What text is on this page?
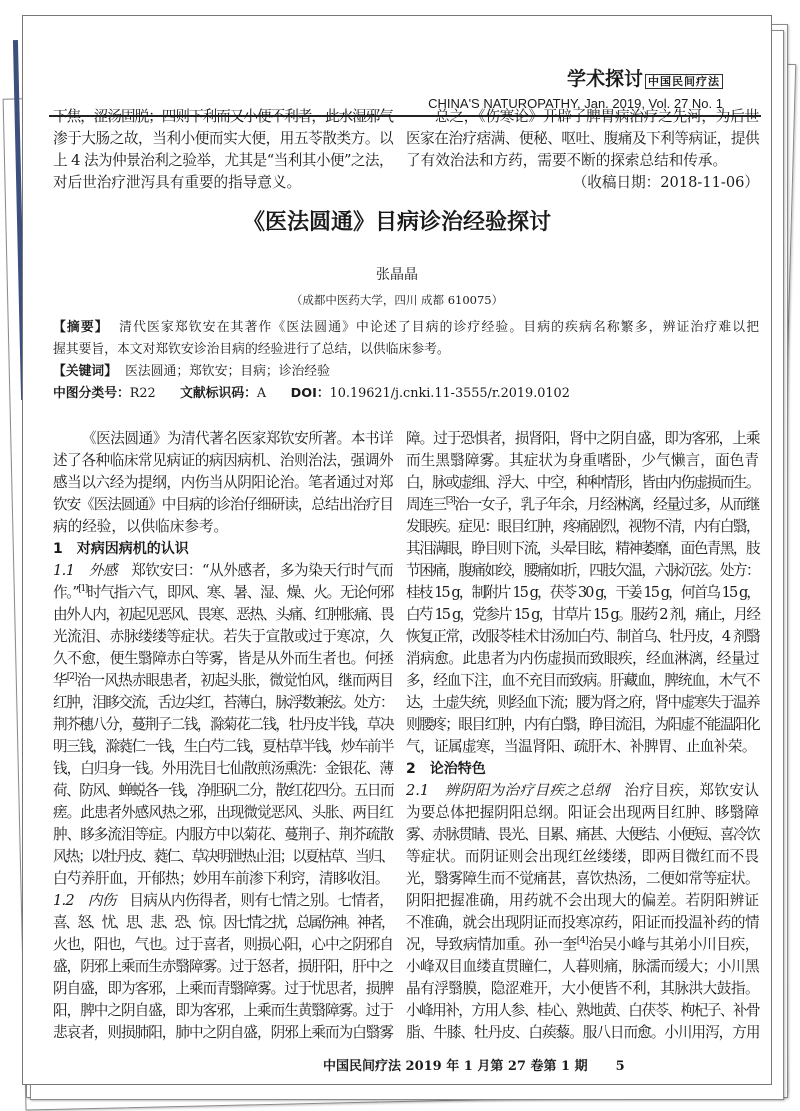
学术探讨 中国民间疗法
CHINA'S NATUROPATHY, Jan. 2019, Vol. 27 No. 1
下焦，涩汤固脱；四则下利而又小便不利者，此水湿邪气
渗于大肠之故，当利小便而实大便，用五苓散类方。以
上 4 法为仲景治利之验举，尤其是“当利其小便”之法，
对后世治疗泄泻具有重要的指导意义。
总之，《伤寒论》开辟了脾胃病治疗之先河，为后世
医家在治疗痞满、便秘、呕吐、腹痛及下利等病证，提供
了有效治法和方药，需要不断的探索总结和传承。
（收稿日期：2018-11-06）
《医法圆通》目病诊治经验探讨
张晶晶
（成都中医药大学，四川 成都 610075）
【摘要】 清代医家郑钦安在其著作《医法圆通》中论述了目病的诊疗经验。目病的疾病名称繁多，辨证治疗难以把
握其要旨，本文对郑钦安诊治目病的经验进行了总结，以供临床参考。
【关键词】 医法圆通；郑钦安；目病；诊治经验
中图分类号：R22 文献标识码：A DOI：10.19621/j.cnki.11-3555/r.2019.0102
《医法圆通》为清代著名医家郑钦安所著。本书详
述了各种临床常见病证的病因病机、治则治法，强调外
感当以六经为提纲，内伤当从阴阳论治。笔者通过对郑
钦安《医法圆通》中目病的诊治仔细研读，总结出治疗目
病的经验，以供临床参考。
1　对病因病机的认识
1.1　外感　郑钦安曰：“从外感者，多为染天行时气而
作。”[1]时气指六气，即风、寒、暑、湿、燥、火。无论何邪
由外人内，初起见恶风、畏寒、恶热、头痛、红肿胀痛、畏
光流泪、赤脉缕缕等症状。若失于宣散或过于寒凉，久
久不愈，便生翳障赤白等雾，皆是从外而生者也。何拯
华[2]治一风热赤眼患者，初起头胀，微觉怕风，继而两目
红肿，泪眵交流，舌边尖红，苔薄白，脉浮数兼弦。处方：
荆芥穗八分，蔓荆子二钱，滁菊花二钱，牡丹皮半钱，草决
明三钱，滁蕤仁一钱，生白芍二钱，夏枯草半钱，炒车前半
钱，白归身一钱。外用洗目七仙散煎汤熏洗：金银花、薄
荷、防风、蝉蜕各一钱，净胆矾二分，散红花四分。五日而
瘥。此患者外感风热之邪，出现微觉恶风、头胀、两目红
肿、眵多流泪等症。内服方中以菊花、蔓荆子、荆芥疏散
风热；以牡丹皮、蕤仁、草决明泄热止泪；以夏枯草、当归、
白芍养肝血，开郁热；妙用车前渗下利窍，清眵收泪。
1.2　内伤　目病从内伤得者，则有七情之别。七情者，
喜、怒、忧、思、悲、恐、惊。因七情之扰，总属伤神。神者，
火也，阳也，气也。过于喜者，则损心阳，心中之阴邪自
盛，阴邪上乘而生赤翳障雾。过于怒者，损肝阳，肝中之
阴自盛，即为客邪，上乘而青翳障雾。过于忧思者，损脾
阳，脾中之阴自盛，即为客邪，上乘而生黄翳障雾。过于
悲哀者，则损肺阳，肺中之阴自盛，阴邪上乘而为白翳雾
障。过于恐惧者，损肾阳，肾中之阴自盛，即为客邪，上乘
而生黑翳障雾。其症状为身重嗜卧，少气懒言，面色青
白，脉或虚细、浮大、中空，种种情形，皆由内伤虚损而生。
周连三[3]治一女子，乳子年余，月经淋漓，经量过多，从而继
发眼疾。症见：眼目红肿，疼痛剧烈，视物不清，内有白翳，
其泪满眼，睁目则下流，头晕目眩，精神萎靡，面色青黑，肢
节困痛，腹痛如绞，腰痛如折，四肢欠温，六脉沉弦。处方：
桂枝 15 g，制附片 15 g，茯苓 30 g，干姜 15 g，何首乌 15 g，
白芍 15 g，党参片 15 g，甘草片 15 g。服药 2 剂，痛止，月经
恢复正常，改服苓桂术甘汤加白芍、制首乌、牡丹皮，4 剂翳
消病愈。此患者为内伤虚损而致眼疾，经血淋漓，经量过
多，经血下注，血不充目而致病。肝藏血，脾统血，木气不
达，土虚失统，则经血下流；腰为肾之府，肾中虚寒失于温养
则腰疼；眼目红肿，内有白翳，睁目流泪，为阳虚不能温阳化
气，证属虚寒，当温肾阳、疏肝木、补脾胃、止血补荣。
2　论治特色
2.1　辨阴阳为治疗目疾之总纲　治疗目疾，郑钦安认
为要总体把握阴阳总纲。阳证会出现两目红肿、眵翳障
雾、赤脉贯睛、畏光、目累、痛甚、大便结、小便短、喜冷饮
等症状。而阴证则会出现红丝缕缕，即两目微红而不畏
光，翳雾障生而不觉痛甚，喜饮热汤，二便如常等症状。
阴阳把握准确，用药就不会出现大的偏差。若阴阳辨证
不准确，就会出现阴证而投寒凉药，阳证而投温补药的情
况，导致病情加重。孙一奎[4]治吴小峰与其弟小川目疾，
小峰双目血缕直贯瞳仁，人暮则痛，脉濡而缓大；小川黑
晶有浮翳膜，隐涩难开，大小便皆不利，其脉洪大鼓指。
小峰用补，方用人参、桂心、熟地黄、白茯苓、枸杞子、补骨
脂、牛膝、牡丹皮、白蒺藜。服八日而愈。小川用泻，方用
中国民间疗法 2019 年 1 月第 27 卷第 1 期 5
